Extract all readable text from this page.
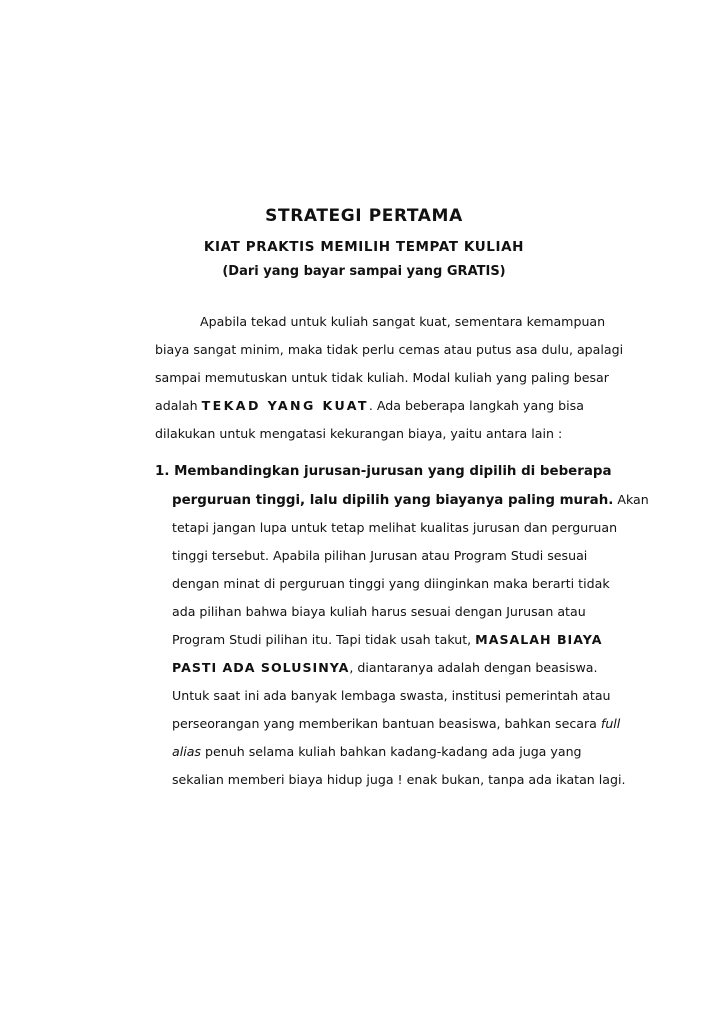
STRATEGI PERTAMA
KIAT PRAKTIS MEMILIH TEMPAT KULIAH
(Dari yang bayar sampai yang GRATIS)
Apabila tekad untuk kuliah sangat kuat, sementara kemampuan
biaya sangat minim, maka tidak perlu cemas atau putus asa dulu, apalagi
sampai memutuskan untuk tidak kuliah. Modal kuliah yang paling besar
adalah TEKAD YANG KUAT. Ada beberapa langkah yang bisa
dilakukan untuk mengatasi kekurangan biaya, yaitu antara lain :
1. Membandingkan jurusan-jurusan yang dipilih di beberapa
perguruan tinggi, lalu dipilih yang biayanya paling murah. Akan
tetapi jangan lupa untuk tetap melihat kualitas jurusan dan perguruan
tinggi tersebut. Apabila pilihan Jurusan atau Program Studi sesuai
dengan minat di perguruan tinggi yang diinginkan maka berarti tidak
ada pilihan bahwa biaya kuliah harus sesuai dengan Jurusan atau
Program Studi pilihan itu. Tapi tidak usah takut, MASALAH BIAYA
PASTI ADA SOLUSINYA, diantaranya adalah dengan beasiswa.
Untuk saat ini ada banyak lembaga swasta, institusi pemerintah atau
perseorangan yang memberikan bantuan beasiswa, bahkan secara full
alias penuh selama kuliah bahkan kadang-kadang ada juga yang
sekalian memberi biaya hidup juga ! enak bukan, tanpa ada ikatan lagi.
